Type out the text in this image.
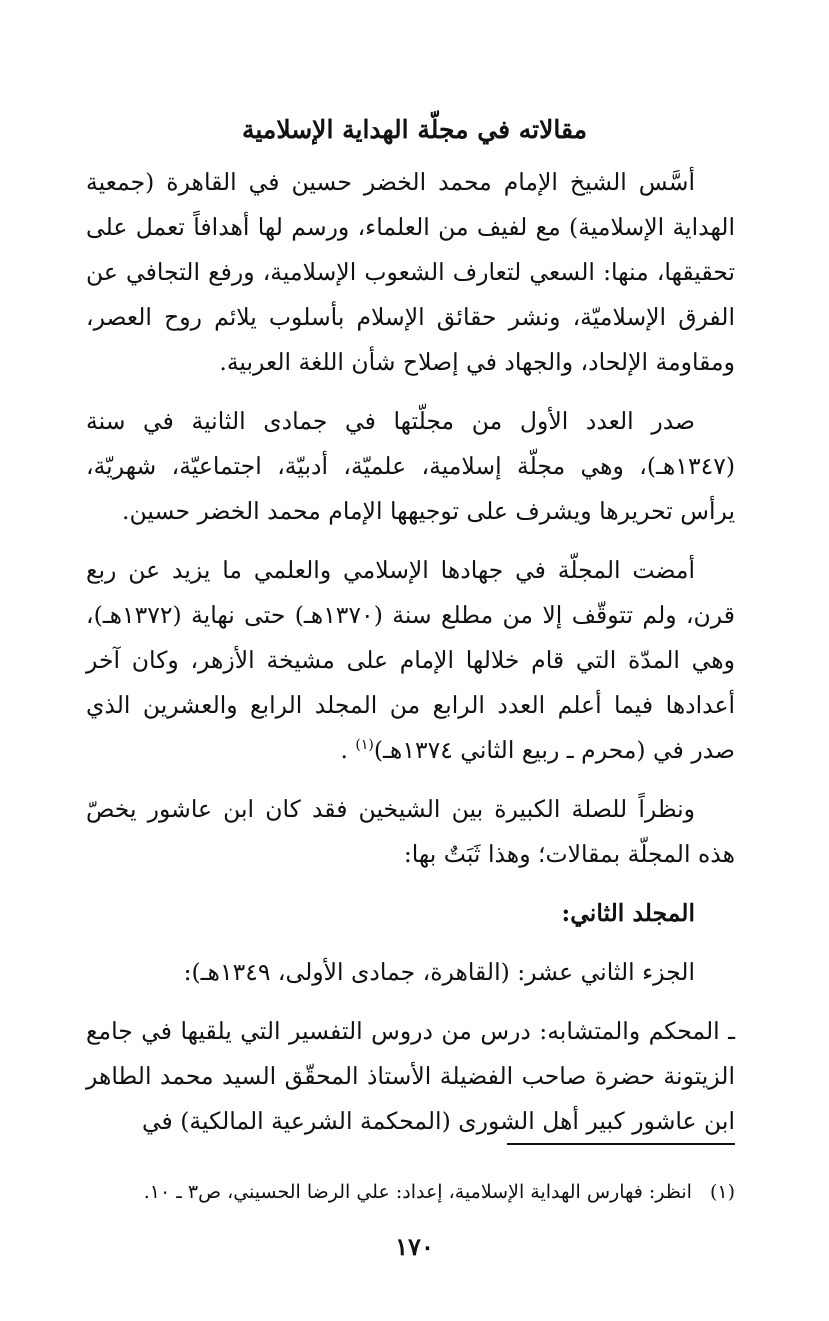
مقالاته في مجلّة الهداية الإسلامية

أسَّس الشيخ الإمام محمد الخضر حسين في القاهرة (جمعية الهداية الإسلامية) مع لفيف من العلماء، ورسم لها أهدافاً تعمل على تحقيقها، منها: السعي لتعارف الشعوب الإسلامية، ورفع التجافي عن الفرق الإسلاميّة، ونشر حقائق الإسلام بأسلوب يلائم روح العصر، ومقاومة الإلحاد، والجهاد في إصلاح شأن اللغة العربية.

صدر العدد الأول من مجلّتها في جمادى الثانية في سنة (١٣٤٧هـ)، وهي مجلّة إسلامية، علميّة، أدبيّة، اجتماعيّة، شهريّة، يرأس تحريرها ويشرف على توجيهها الإمام محمد الخضر حسين.

أمضت المجلّة في جهادها الإسلامي والعلمي ما يزيد عن ربع قرن، ولم تتوقّف إلا من مطلع سنة (١٣٧٠هـ) حتى نهاية (١٣٧٢هـ)، وهي المدّة التي قام خلالها الإمام على مشيخة الأزهر، وكان آخر أعدادها فيما أعلم العدد الرابع من المجلد الرابع والعشرين الذي صدر في (محرم ـ ربيع الثاني ١٣٧٤هـ)$^{(١)}$ .

ونظراً للصلة الكبيرة بين الشيخين فقد كان ابن عاشور يخصّ هذه المجلّة بمقالات؛ وهذا ثَبَتٌ بها:

المجلد الثاني:

الجزء الثاني عشر: (القاهرة، جمادى الأولى، ١٣٤٩هـ):

ـ المحكم والمتشابه: درس من دروس التفسير التي يلقيها في جامع الزيتونة حضرة صاحب الفضيلة الأستاذ المحقّق السيد محمد الطاهر ابن عاشور كبير أهل الشورى (المحكمة الشرعية المالكية) في

(١)انظر: فهارس الهداية الإسلامية، إعداد: علي الرضا الحسيني، ص٣ ـ ١٠.
١٧٠
